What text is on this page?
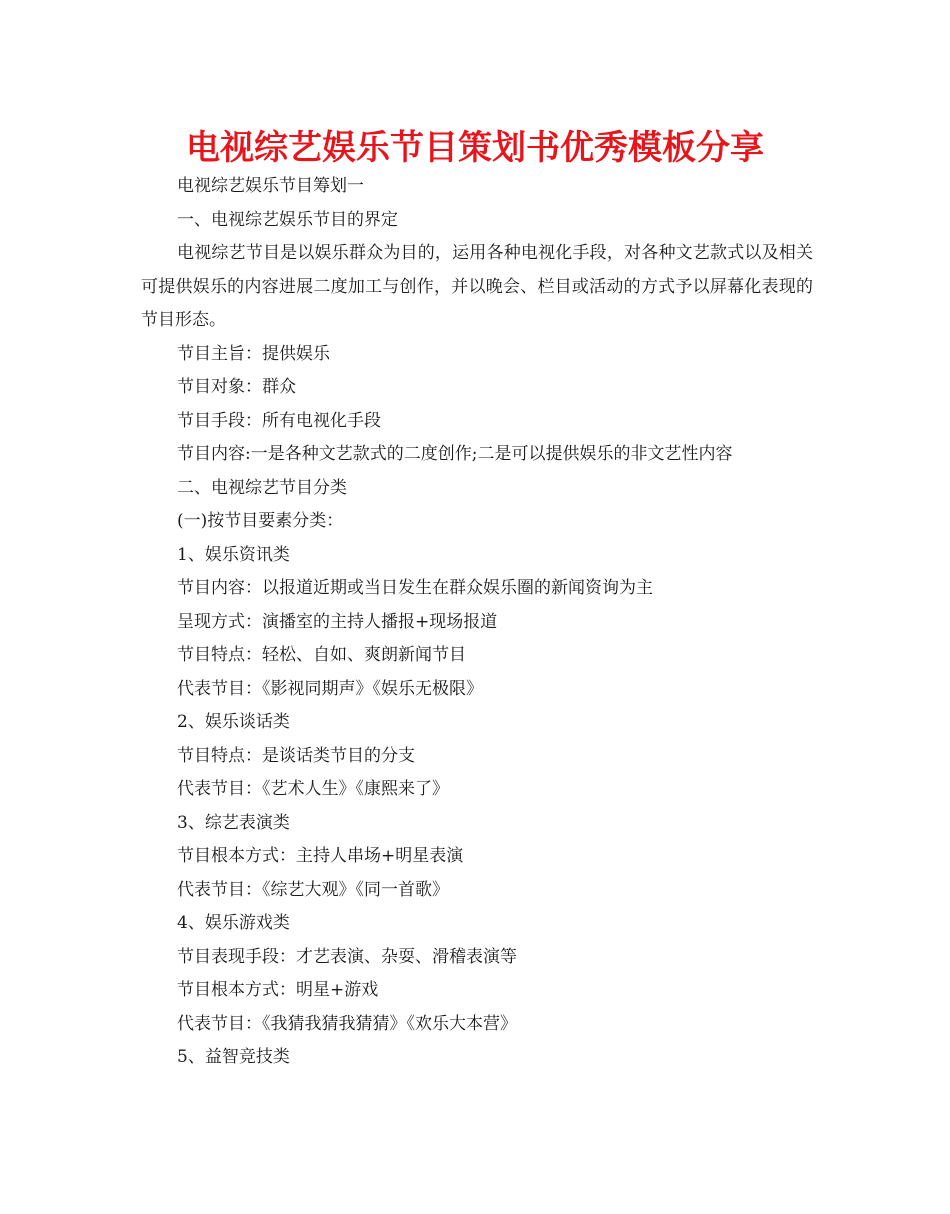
电视综艺娱乐节目策划书优秀模板分享

电视综艺娱乐节目筹划一

一、电视综艺娱乐节目的界定

电视综艺节目是以娱乐群众为目的，运用各种电视化手段，对各种文艺款式以及相关可提供娱乐的内容进展二度加工与创作，并以晚会、栏目或活动的方式予以屏幕化表现的节目形态。

节目主旨：提供娱乐

节目对象：群众

节目手段：所有电视化手段

节目内容:一是各种文艺款式的二度创作;二是可以提供娱乐的非文艺性内容

二、电视综艺节目分类

(一)按节目要素分类：

1、娱乐资讯类

节目内容：以报道近期或当日发生在群众娱乐圈的新闻资询为主

呈现方式：演播室的主持人播报+现场报道

节目特点：轻松、自如、爽朗新闻节目

代表节目：《影视同期声》《娱乐无极限》

2、娱乐谈话类

节目特点：是谈话类节目的分支

代表节目：《艺术人生》《康熙来了》

3、综艺表演类

节目根本方式：主持人串场+明星表演

代表节目：《综艺大观》《同一首歌》

4、娱乐游戏类

节目表现手段：才艺表演、杂耍、滑稽表演等

节目根本方式：明星+游戏

代表节目：《我猜我猜我猜猜》《欢乐大本营》

5、益智竞技类
